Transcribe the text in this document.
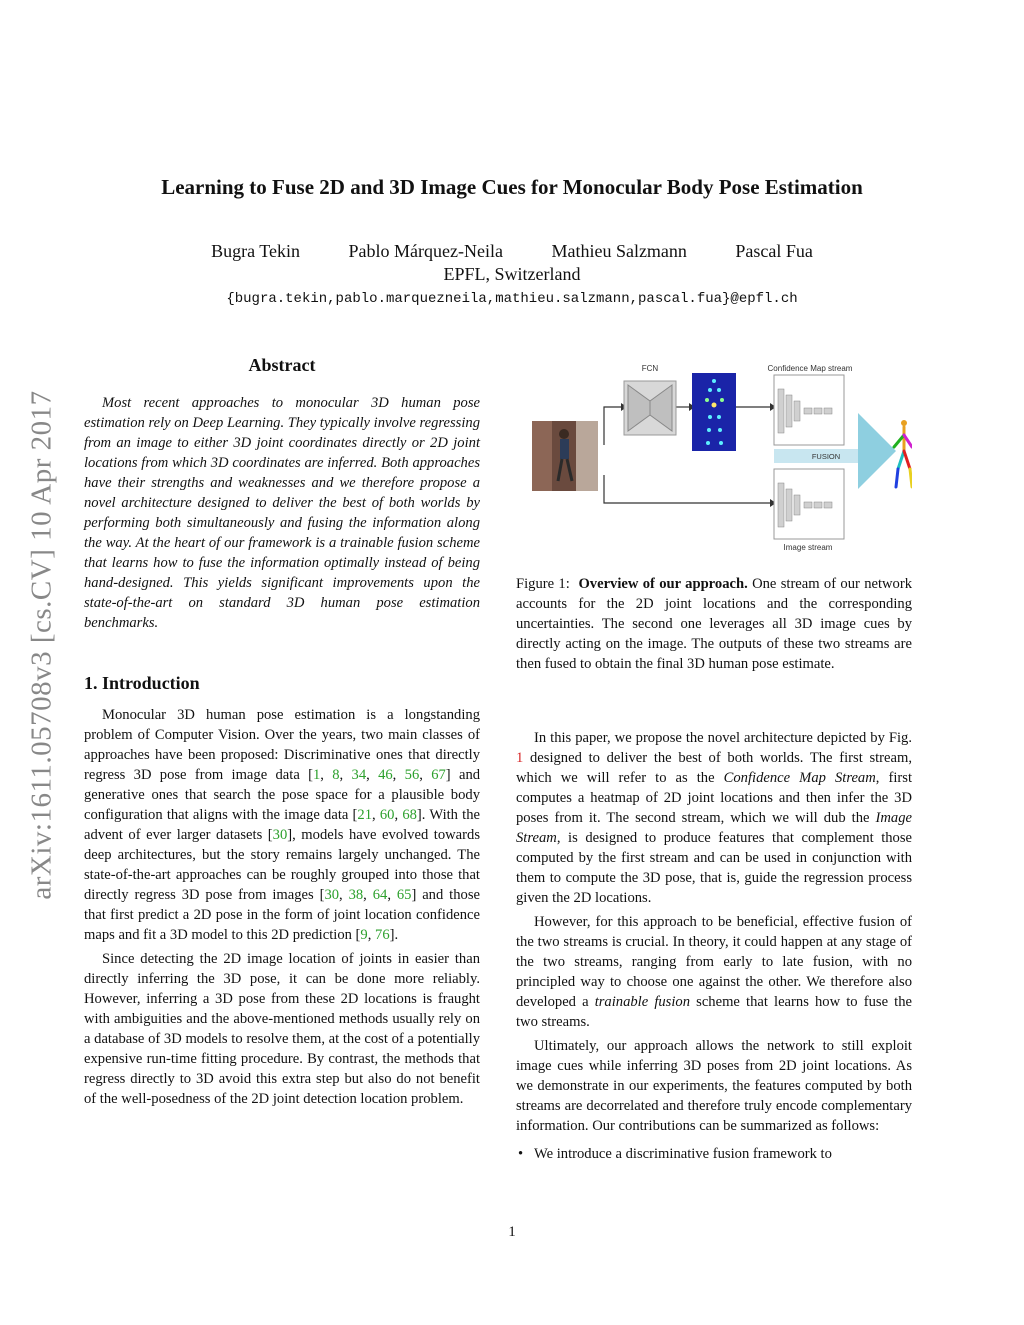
Learning to Fuse 2D and 3D Image Cues for Monocular Body Pose Estimation
Bugra Tekin	Pablo Márquez-Neila	Mathieu Salzmann	Pascal Fua
EPFL, Switzerland
{bugra.tekin,pablo.marquezneila,mathieu.salzmann,pascal.fua}@epfl.ch
arXiv:1611.05708v3 [cs.CV] 10 Apr 2017
Abstract

Most recent approaches to monocular 3D human pose estimation rely on Deep Learning. They typically involve regressing from an image to either 3D joint coordinates directly or 2D joint locations from which 3D coordinates are inferred. Both approaches have their strengths and weaknesses and we therefore propose a novel architecture designed to deliver the best of both worlds by performing both simultaneously and fusing the information along the way. At the heart of our framework is a trainable fusion scheme that learns how to fuse the information optimally instead of being hand-designed. This yields significant improvements upon the state-of-the-art on standard 3D human pose estimation benchmarks.

1. Introduction

Monocular 3D human pose estimation is a longstanding problem of Computer Vision. Over the years, two main classes of approaches have been proposed: Discriminative ones that directly regress 3D pose from image data [1, 8, 34, 46, 56, 67] and generative ones that search the pose space for a plausible body configuration that aligns with the image data [21, 60, 68]. With the advent of ever larger datasets [30], models have evolved towards deep architectures, but the story remains largely unchanged. The state-of-the-art approaches can be roughly grouped into those that directly regress 3D pose from images [30, 38, 64, 65] and those that first predict a 2D pose in the form of joint location confidence maps and fit a 3D model to this 2D prediction [9, 76].

Since detecting the 2D image location of joints in easier than directly inferring the 3D pose, it can be done more reliably. However, inferring a 3D pose from these 2D locations is fraught with ambiguities and the above-mentioned methods usually rely on a database of 3D models to resolve them, at the cost of a potentially expensive run-time fitting procedure. By contrast, the methods that regress directly to 3D avoid this extra step but also do not benefit of the well-posedness of the 2D joint detection location problem.

FCN	Confidence Map stream
FUSION
Image stream
Figure 1: Overview of our approach. One stream of our network accounts for the 2D joint locations and the corresponding uncertainties. The second one leverages all 3D image cues by directly acting on the image. The outputs of these two streams are then fused to obtain the final 3D human pose estimate.

In this paper, we propose the novel architecture depicted by Fig. 1 designed to deliver the best of both worlds. The first stream, which we will refer to as the Confidence Map Stream, first computes a heatmap of 2D joint locations and then infer the 3D poses from it. The second stream, which we will dub the Image Stream, is designed to produce features that complement those computed by the first stream and can be used in conjunction with them to compute the 3D pose, that is, guide the regression process given the 2D locations.

However, for this approach to be beneficial, effective fusion of the two streams is crucial. In theory, it could happen at any stage of the two streams, ranging from early to late fusion, with no principled way to choose one against the other. We therefore also developed a trainable fusion scheme that learns how to fuse the two streams.

Ultimately, our approach allows the network to still exploit image cues while inferring 3D poses from 2D joint locations. As we demonstrate in our experiments, the features computed by both streams are decorrelated and therefore truly encode complementary information. Our contributions can be summarized as follows:

• We introduce a discriminative fusion framework to

1
